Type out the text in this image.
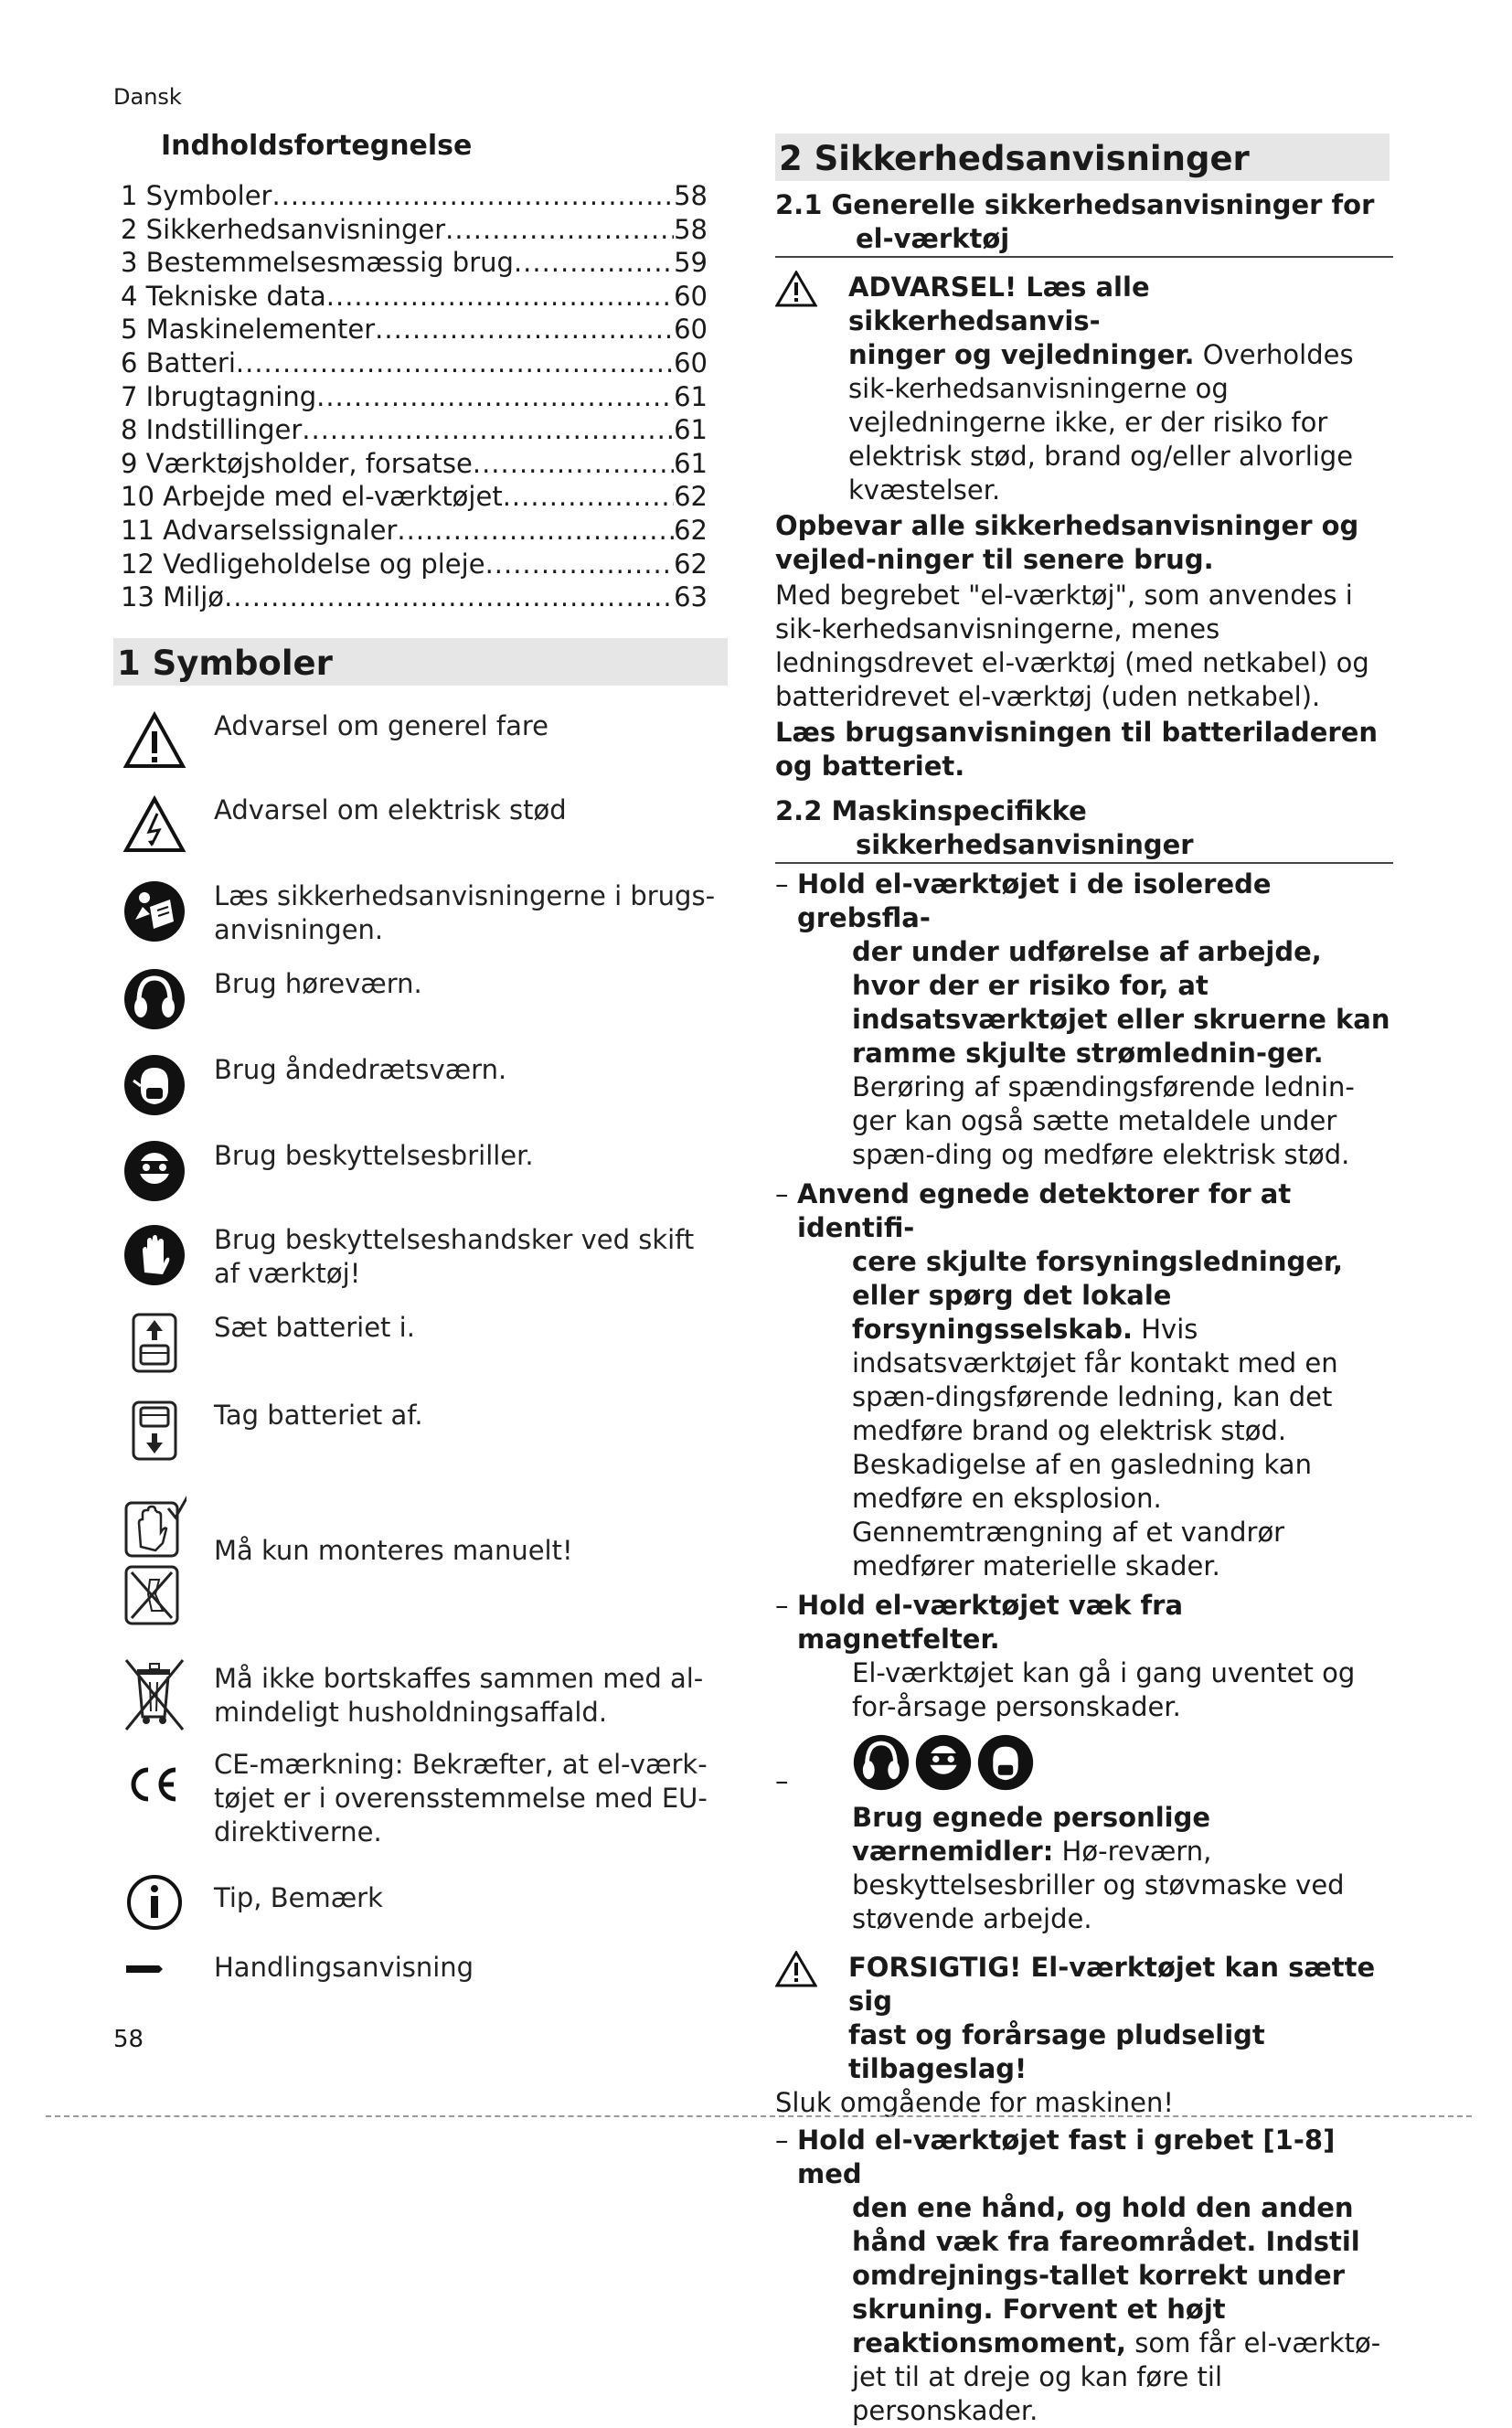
Dansk
Indholdsfortegnelse
1 Symboler .....	58
2 Sikkerhedsanvisninger .....	58
3 Bestemmelsesmæssig brug .....	59
4 Tekniske data .....	60
5 Maskinelementer .....	60
6 Batteri .....	60
7 Ibrugtagning .....	61
8 Indstillinger .....	61
9 Værktøjsholder, forsatse .....	61
10 Arbejde med el-værktøjet .....	62
11 Advarselssignaler .....	62
12 Vedligeholdelse og pleje .....	62
13 Miljø .....	63
1 Symboler
Advarsel om generel fare
Advarsel om elektrisk stød
Læs sikkerhedsanvisningerne i brugs-anvisningen.
Brug høreværn.
Brug åndedrætsværn.
Brug beskyttelsesbriller.
Brug beskyttelseshandsker ved skift af værktøj!
Sæt batteriet i.
Tag batteriet af.
Må kun monteres manuelt!
Må ikke bortskaffes sammen med al-mindeligt husholdningsaffald.
CE-mærkning: Bekræfter, at el-værk-tøjet er i overensstemmelse med EU-direktiverne.
Tip, Bemærk
Handlingsanvisning
2 Sikkerhedsanvisninger
2.1 Generelle sikkerhedsanvisninger for
el-værktøj
ADVARSEL! Læs alle sikkerhedsanvis-

ninger og vejledninger. Overholdes sik-kerhedsanvisningerne og vejledningerne ikke, er der risiko for elektrisk stød, brand og/eller alvorlige kvæstelser.

Opbevar alle sikkerhedsanvisninger og vejled-ninger til senere brug.

Med begrebet "el-værktøj", som anvendes i sik-kerhedsanvisningerne, menes ledningsdrevet el-værktøj (med netkabel) og batteridrevet el-værktøj (uden netkabel).

Læs brugsanvisningen til batteriladeren og batteriet.

2.2 Maskinspecifikke
sikkerhedsanvisninger
– Hold el-værktøjet i de isolerede grebsfla-
der under udførelse af arbejde, hvor der er risiko for, at indsatsværktøjet eller skruerne kan ramme skjulte strømlednin-ger. Berøring af spændingsførende lednin-ger kan også sætte metaldele under spæn-ding og medføre elektrisk stød.
– Anvend egnede detektorer for at identifi-
cere skjulte forsyningsledninger, eller spørg det lokale forsyningsselskab. Hvis indsatsværktøjet får kontakt med en spæn-dingsførende ledning, kan det medføre brand og elektrisk stød. Beskadigelse af en gasledning kan medføre en eksplosion. Gennemtrængning af et vandrør medfører materielle skader.
– Hold el-værktøjet væk fra magnetfelter.
El-værktøjet kan gå i gang uventet og for-årsage personskader.
–
Brug egnede personlige værnemidler: Hø-reværn, beskyttelsesbriller og støvmaske ved støvende arbejde.
FORSIGTIG! El-værktøjet kan sætte sig

fast og forårsage pludseligt tilbageslag!

Sluk omgående for maskinen!

– Hold el-værktøjet fast i grebet [1-8] med
den ene hånd, og hold den anden hånd væk fra fareområdet. Indstil omdrejnings-tallet korrekt under skruning. Forvent et højt reaktionsmoment, som får el-værktø-jet til at dreje og kan føre til personskader.
58
